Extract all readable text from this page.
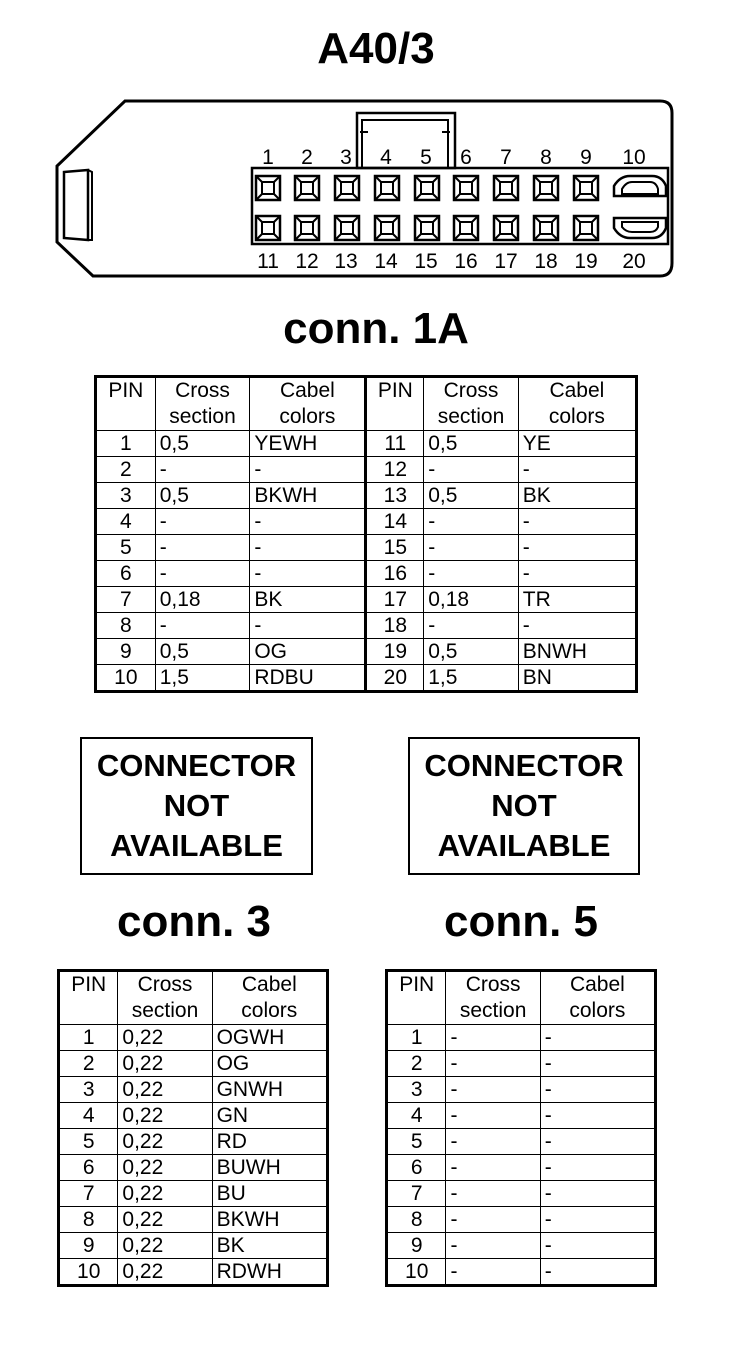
A40/3
1 2 3 4 5 6 7 8 9 10
11 12 13 14 15 16 17 18 19 20
conn. 1A
PIN	Cross section	Cabel colors	PIN	Cross section	Cabel colors
1	0,5	YEWH	11	0,5	YE
2	-	-	12	-	-
3	0,5	BKWH	13	0,5	BK
4	-	-	14	-	-
5	-	-	15	-	-
6	-	-	16	-	-
7	0,18	BK	17	0,18	TR
8	-	-	18	-	-
9	0,5	OG	19	0,5	BNWH
10	1,5	RDBU	20	1,5	BN
CONNECTOR
NOT
AVAILABLE
CONNECTOR
NOT
AVAILABLE
conn. 3	conn. 5
PIN	Cross section	Cabel colors
1	0,22	OGWH
2	0,22	OG
3	0,22	GNWH
4	0,22	GN
5	0,22	RD
6	0,22	BUWH
7	0,22	BU
8	0,22	BKWH
9	0,22	BK
10	0,22	RDWH
PIN	Cross section	Cabel colors
1	-	-
2	-	-
3	-	-
4	-	-
5	-	-
6	-	-
7	-	-
8	-	-
9	-	-
10	-	-
